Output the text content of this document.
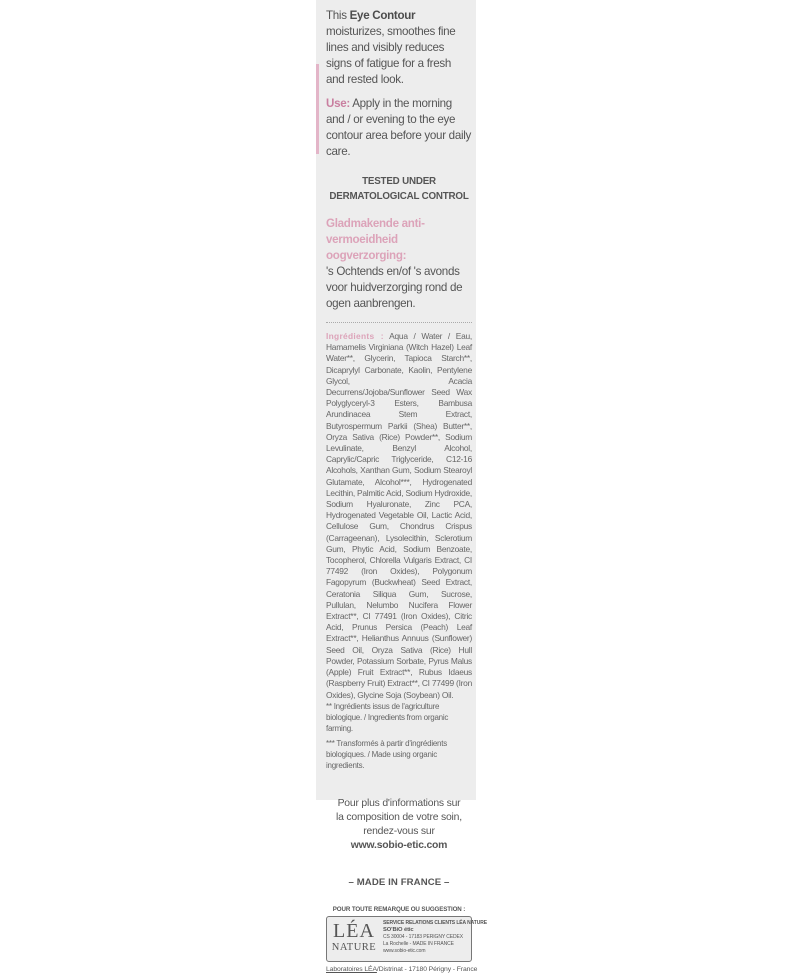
This Eye Contour moisturizes, smoothes fine lines and visibly reduces signs of fatigue for a fresh and rested look.

Use: Apply in the morning and / or evening to the eye contour area before your daily care.

TESTED UNDER
DERMATOLOGICAL CONTROL

Gladmakende anti-vermoeidheid oogverzorging:

's Ochtends en/of 's avonds voor huidverzorging rond de ogen aanbrengen.

Ingrédients : Aqua / Water / Eau, Hamamelis Virginiana (Witch Hazel) Leaf Water**, Glycerin, Tapioca Starch**, Dicaprylyl Carbonate, Kaolin, Pentylene Glycol, Acacia Decurrens/Jojoba/Sunflower Seed Wax Polyglyceryl-3 Esters, Bambusa Arundinacea Stem Extract, Butyrospermum Parkii (Shea) Butter**, Oryza Sativa (Rice) Powder**, Sodium Levulinate, Benzyl Alcohol, Caprylic/Capric Triglyceride, C12-16 Alcohols, Xanthan Gum, Sodium Stearoyl Glutamate, Alcohol***, Hydrogenated Lecithin, Palmitic Acid, Sodium Hydroxide, Sodium Hyaluronate, Zinc PCA, Hydrogenated Vegetable Oil, Lactic Acid, Cellulose Gum, Chondrus Crispus (Carrageenan), Lysolecithin, Sclerotium Gum, Phytic Acid, Sodium Benzoate, Tocopherol, Chlorella Vulgaris Extract, CI 77492 (Iron Oxides), Polygonum Fagopyrum (Buckwheat) Seed Extract, Ceratonia Siliqua Gum, Sucrose, Pullulan, Nelumbo Nucifera Flower Extract**, CI 77491 (Iron Oxides), Citric Acid, Prunus Persica (Peach) Leaf Extract**, Helianthus Annuus (Sunflower) Seed Oil, Oryza Sativa (Rice) Hull Powder, Potassium Sorbate, Pyrus Malus (Apple) Fruit Extract**, Rubus Idaeus (Raspberry Fruit) Extract**, CI 77499 (Iron Oxides), Glycine Soja (Soybean) Oil.

** Ingrédients issus de l'agriculture biologique. / Ingredients from organic farming.

*** Transformés à partir d'ingrédients biologiques. / Made using organic ingredients.

Pour plus d'informations sur
la composition de votre soin,
rendez-vous sur
www.sobio-etic.com

– MADE IN FRANCE –

POUR TOUTE REMARQUE OU SUGGESTION :

LÉA
NATURE

SERVICE RELATIONS CLIENTS LÉA NATURE

SO'BiO étic

CS 30004 - 17183 PERIGNY CEDEX

La Rochelle - MADE IN FRANCE

www.sobio-etic.com

Laboratoires LÉA/Distrinat - 17180 Périgny - France
